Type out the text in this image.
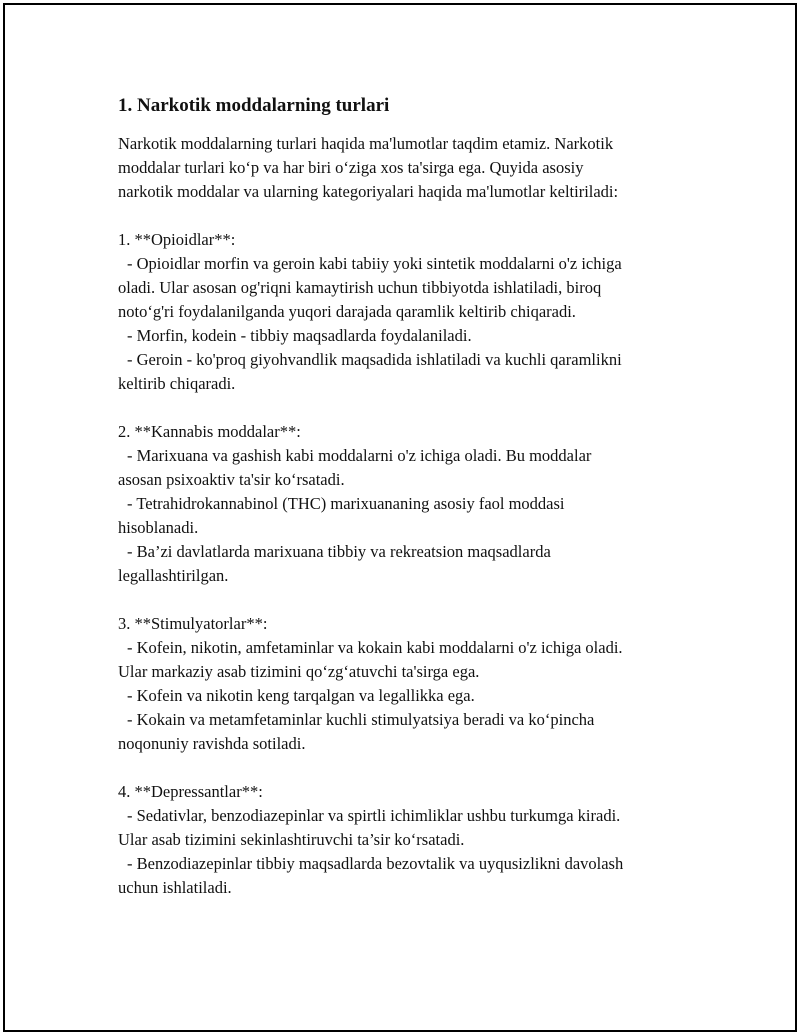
1. Narkotik moddalarning turlari

Narkotik moddalarning turlari haqida ma'lumotlar taqdim etamiz. Narkotik
moddalar turlari ko‘p va har biri o‘ziga xos ta'sirga ega. Quyida asosiy
narkotik moddalar va ularning kategoriyalari haqida ma'lumotlar keltiriladi:

1. **Opioidlar**:

- Opioidlar morfin va geroin kabi tabiiy yoki sintetik moddalarni o'z ichiga
oladi. Ular asosan og'riqni kamaytirish uchun tibbiyotda ishlatiladi, biroq
noto‘g'ri foydalanilganda yuqori darajada qaramlik keltirib chiqaradi.

- Morfin, kodein - tibbiy maqsadlarda foydalaniladi.

- Geroin - ko'proq giyohvandlik maqsadida ishlatiladi va kuchli qaramlikni
keltirib chiqaradi.

2. **Kannabis moddalar**:

- Marixuana va gashish kabi moddalarni o'z ichiga oladi. Bu moddalar
asosan psixoaktiv ta'sir ko‘rsatadi.

- Tetrahidrokannabinol (THC) marixuananing asosiy faol moddasi
hisoblanadi.

- Ba’zi davlatlarda marixuana tibbiy va rekreatsion maqsadlarda
legallashtirilgan.

3. **Stimulyatorlar**:

- Kofein, nikotin, amfetaminlar va kokain kabi moddalarni o'z ichiga oladi.
Ular markaziy asab tizimini qo‘zg‘atuvchi ta'sirga ega.

- Kofein va nikotin keng tarqalgan va legallikka ega.

- Kokain va metamfetaminlar kuchli stimulyatsiya beradi va ko‘pincha
noqonuniy ravishda sotiladi.

4. **Depressantlar**:

- Sedativlar, benzodiazepinlar va spirtli ichimliklar ushbu turkumga kiradi.
Ular asab tizimini sekinlashtiruvchi ta’sir ko‘rsatadi.

- Benzodiazepinlar tibbiy maqsadlarda bezovtalik va uyqusizlikni davolash
uchun ishlatiladi.
